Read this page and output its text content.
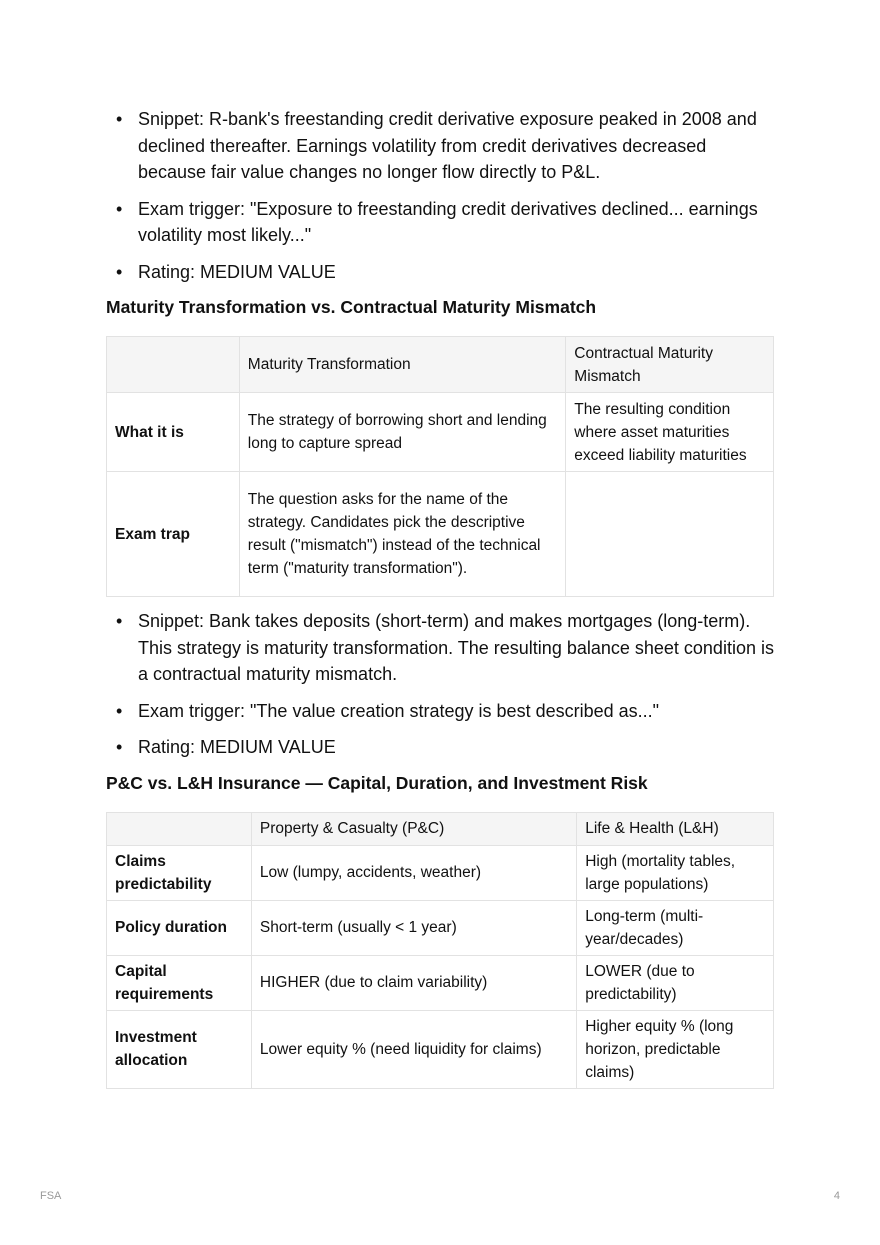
• Snippet: R-bank's freestanding credit derivative exposure peaked in 2008 and declined thereafter. Earnings volatility from credit derivatives decreased because fair value changes no longer flow directly to P&L.
• Exam trigger: "Exposure to freestanding credit derivatives declined... earnings volatility most likely..."
• Rating: MEDIUM VALUE
Maturity Transformation vs. Contractual Maturity Mismatch
	Maturity Transformation	Contractual Maturity Mismatch
What it is	The strategy of borrowing short and lending long to capture spread	The resulting condition where asset maturities exceed liability maturities
Exam trap	The question asks for the name of the strategy. Candidates pick the descriptive result ("mismatch") instead of the technical term ("maturity transformation").	
• Snippet: Bank takes deposits (short-term) and makes mortgages (long-term). This strategy is maturity transformation. The resulting balance sheet condition is a contractual maturity mismatch.
• Exam trigger: "The value creation strategy is best described as..."
• Rating: MEDIUM VALUE
P&C vs. L&H Insurance — Capital, Duration, and Investment Risk
	Property & Casualty (P&C)	Life & Health (L&H)
Claims predictability	Low (lumpy, accidents, weather)	High (mortality tables, large populations)
Policy duration	Short-term (usually < 1 year)	Long-term (multi-year/decades)
Capital requirements	HIGHER (due to claim variability)	LOWER (due to predictability)
Investment allocation	Lower equity % (need liquidity for claims)	Higher equity % (long horizon, predictable claims)
FSA	4
